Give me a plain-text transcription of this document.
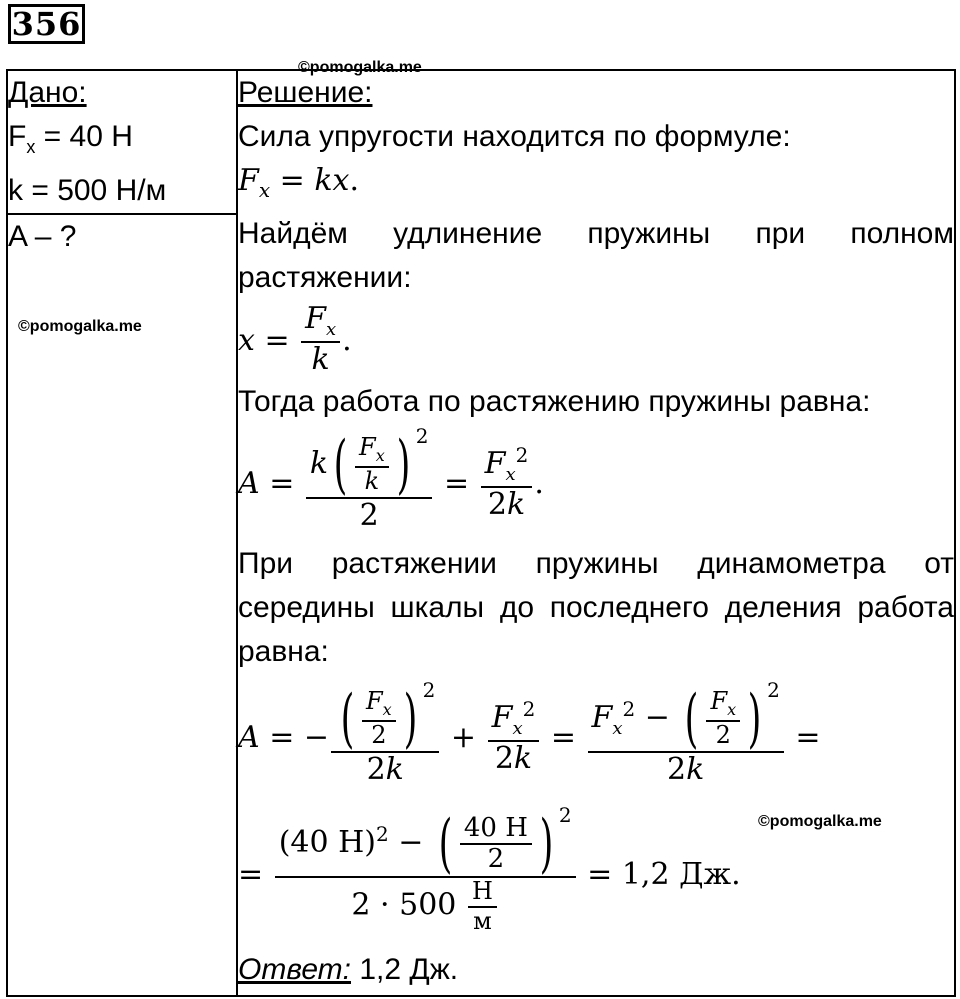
356
©pomogalka.me
©pomogalka.me
©pomogalka.me
Дано:
$F_x = 40$ Н
k = 500 Н/м

Решение:
Сила упругости находится по формуле:
$F_x$ = kx.
Найдём удлинение пружины при полном растяжении:
$x = \frac{F_x}{k}$ .
Тогда работа по растяжению пружины равна:
$A = \frac{k ( \frac{F_x}{k} ) ^2}{2} = \frac{F_x^2}{2k}$ .
При растяжении пружины динамометра от середины шкалы до последнего деления работа равна:
A = − $\frac{( \frac{F_x}{2} ) ^2}{2k} + \frac{F_x^2}{2k} = \frac{F_x^2 - ( \frac{F_x}{2} ) ^2}{2k}$ =
= $\frac{(40 Н)^2 - ( \frac{40 Н}{2} ) ^2}{2 \cdot 500 \frac{Н}{м}}$
= 1,2 Дж.
Ответ: 1,2 Дж.

A – ?
